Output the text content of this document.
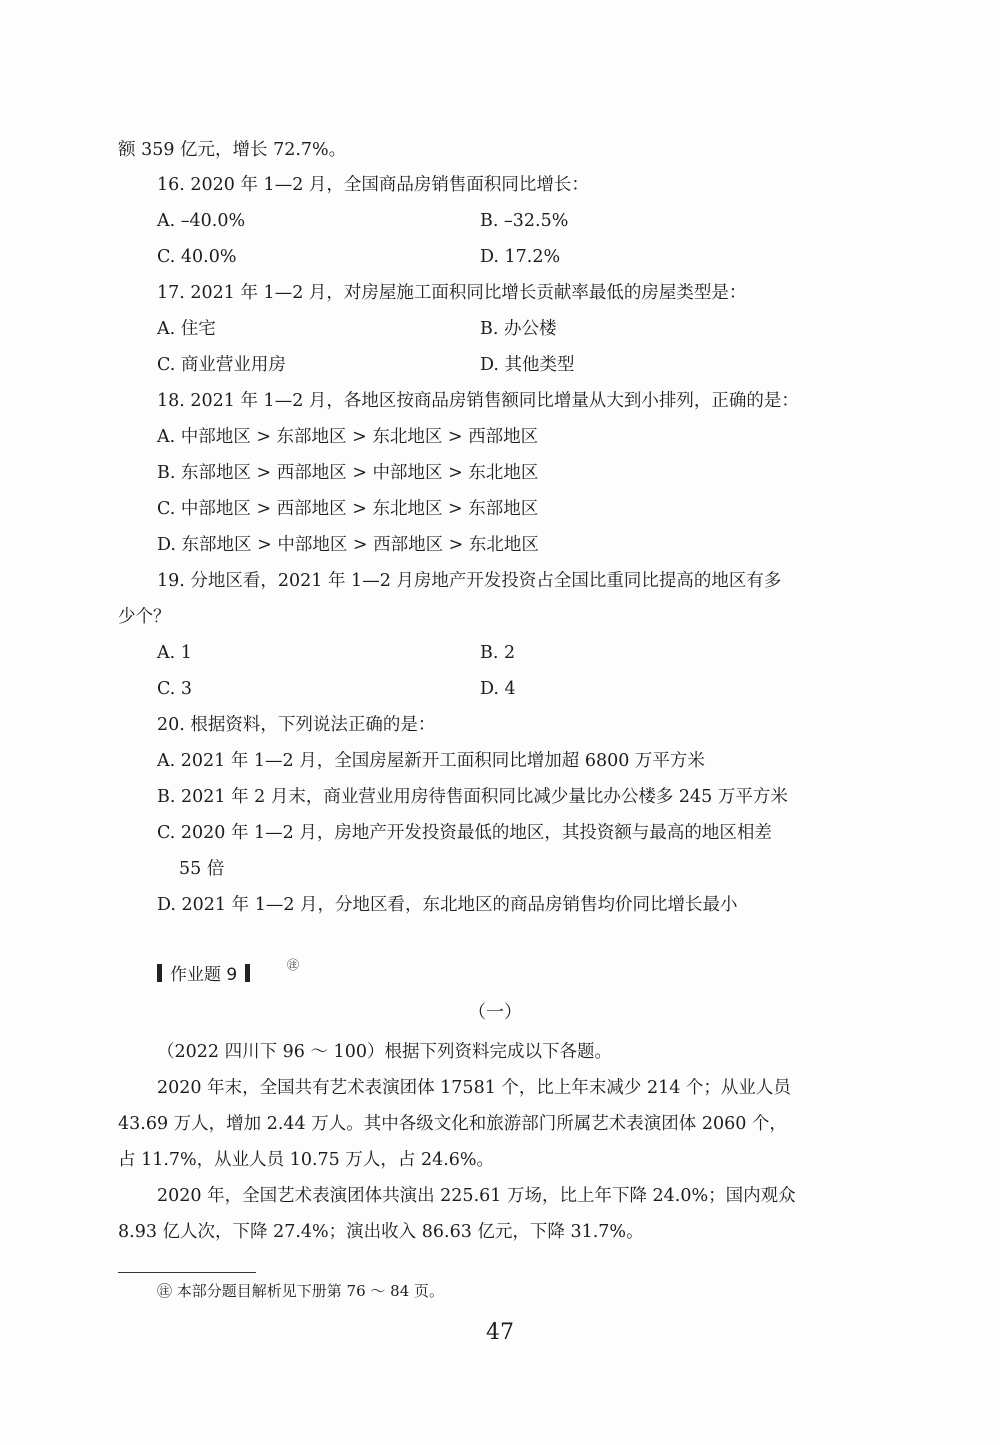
额 359 亿元，增长 72.7%。
16. 2020 年 1—2 月，全国商品房销售面积同比增长：
A. –40.0%	B. –32.5%
C. 40.0%	D. 17.2%
17. 2021 年 1—2 月，对房屋施工面积同比增长贡献率最低的房屋类型是：
A. 住宅	B. 办公楼
C. 商业营业用房	D. 其他类型
18. 2021 年 1—2 月，各地区按商品房销售额同比增量从大到小排列，正确的是：
A. 中部地区 > 东部地区 > 东北地区 > 西部地区
B. 东部地区 > 西部地区 > 中部地区 > 东北地区
C. 中部地区 > 西部地区 > 东北地区 > 东部地区
D. 东部地区 > 中部地区 > 西部地区 > 东北地区
19. 分地区看，2021 年 1—2 月房地产开发投资占全国比重同比提高的地区有多
少个？
A. 1	B. 2
C. 3	D. 4
20. 根据资料，下列说法正确的是：
A. 2021 年 1—2 月，全国房屋新开工面积同比增加超 6800 万平方米
B. 2021 年 2 月末，商业营业用房待售面积同比减少量比办公楼多 245 万平方米
C. 2020 年 1—2 月，房地产开发投资最低的地区，其投资额与最高的地区相差
55 倍
D. 2021 年 1—2 月，分地区看，东北地区的商品房销售均价同比增长最小
作业题 9	㊟
（一）
（2022 四川下 96 ～ 100）根据下列资料完成以下各题。
2020 年末，全国共有艺术表演团体 17581 个，比上年末减少 214 个；从业人员
43.69 万人，增加 2.44 万人。其中各级文化和旅游部门所属艺术表演团体 2060 个，
占 11.7%，从业人员 10.75 万人，占 24.6%。
2020 年，全国艺术表演团体共演出 225.61 万场，比上年下降 24.0%；国内观众
8.93 亿人次，下降 27.4%；演出收入 86.63 亿元，下降 31.7%。
㊟ 本部分题目解析见下册第 76 ～ 84 页。
47
